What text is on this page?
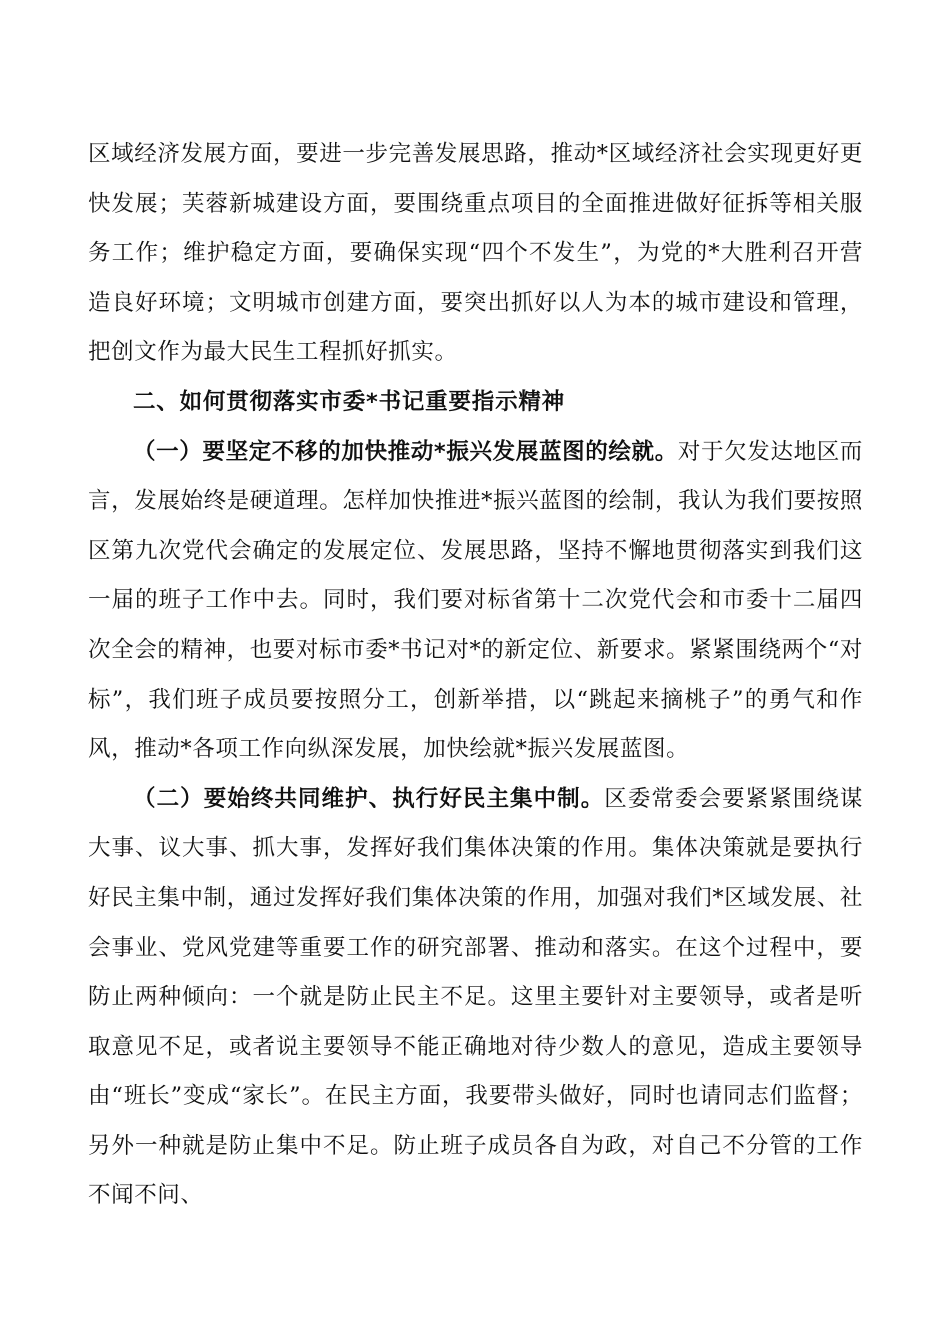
区域经济发展方面，要进一步完善发展思路，推动*区域经济社会实现更好更快发展；芙蓉新城建设方面，要围绕重点项目的全面推进做好征拆等相关服务工作；维护稳定方面，要确保实现“四个不发生”，为党的*大胜利召开营造良好环境；文明城市创建方面，要突出抓好以人为本的城市建设和管理，把创文作为最大民生工程抓好抓实。

二、如何贯彻落实市委*书记重要指示精神

（一）要坚定不移的加快推动*振兴发展蓝图的绘就。对于欠发达地区而言，发展始终是硬道理。怎样加快推进*振兴蓝图的绘制，我认为我们要按照区第九次党代会确定的发展定位、发展思路，坚持不懈地贯彻落实到我们这一届的班子工作中去。同时，我们要对标省第十二次党代会和市委十二届四次全会的精神，也要对标市委*书记对*的新定位、新要求。紧紧围绕两个“对标”，我们班子成员要按照分工，创新举措，以“跳起来摘桃子”的勇气和作风，推动*各项工作向纵深发展，加快绘就*振兴发展蓝图。

（二）要始终共同维护、执行好民主集中制。区委常委会要紧紧围绕谋大事、议大事、抓大事，发挥好我们集体决策的作用。集体决策就是要执行好民主集中制，通过发挥好我们集体决策的作用，加强对我们*区域发展、社会事业、党风党建等重要工作的研究部署、推动和落实。在这个过程中，要防止两种倾向：一个就是防止民主不足。这里主要针对主要领导，或者是听取意见不足，或者说主要领导不能正确地对待少数人的意见，造成主要领导由“班长”变成“家长”。在民主方面，我要带头做好，同时也请同志们监督；另外一种就是防止集中不足。防止班子成员各自为政，对自己不分管的工作不闻不问、
